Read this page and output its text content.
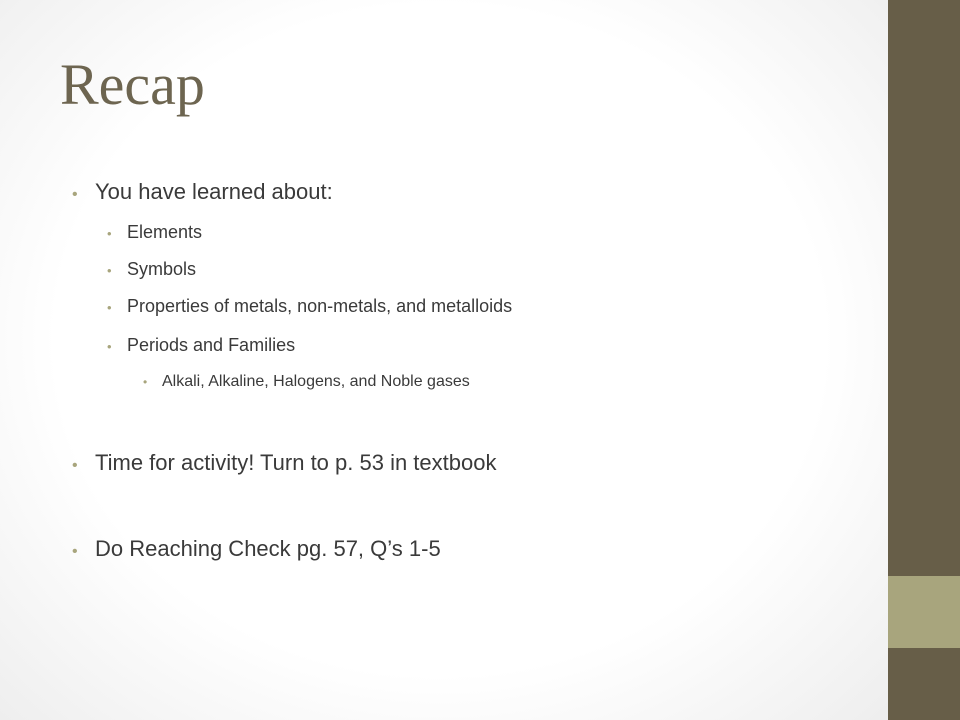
Recap
• You have learned about:
• Elements
• Symbols
• Properties of metals, non-metals, and metalloids
• Periods and Families
• Alkali, Alkaline, Halogens, and Noble gases
• Time for activity! Turn to p. 53 in textbook
• Do Reaching Check pg. 57, Q’s 1-5
